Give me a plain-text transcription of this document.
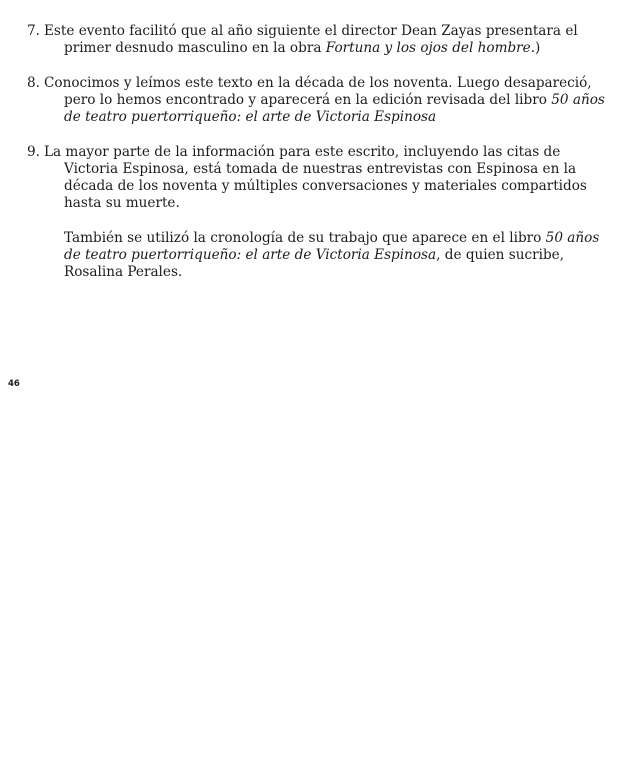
7. Este evento facilitó que al año siguiente el director Dean Zayas presentara el
primer desnudo masculino en la obra Fortuna y los ojos del hombre.)
8. Conocimos y leímos este texto en la década de los noventa. Luego desapareció,
pero lo hemos encontrado y aparecerá en la edición revisada del libro 50 años
de teatro puertorriqueño: el arte de Victoria Espinosa
9. La mayor parte de la información para este escrito, incluyendo las citas de
Victoria Espinosa, está tomada de nuestras entrevistas con Espinosa en la
década de los noventa y múltiples conversaciones y materiales compartidos
hasta su muerte.
También se utilizó la cronología de su trabajo que aparece en el libro 50 años
de teatro puertorriqueño: el arte de Victoria Espinosa, de quien sucribe,
Rosalina Perales.
46
